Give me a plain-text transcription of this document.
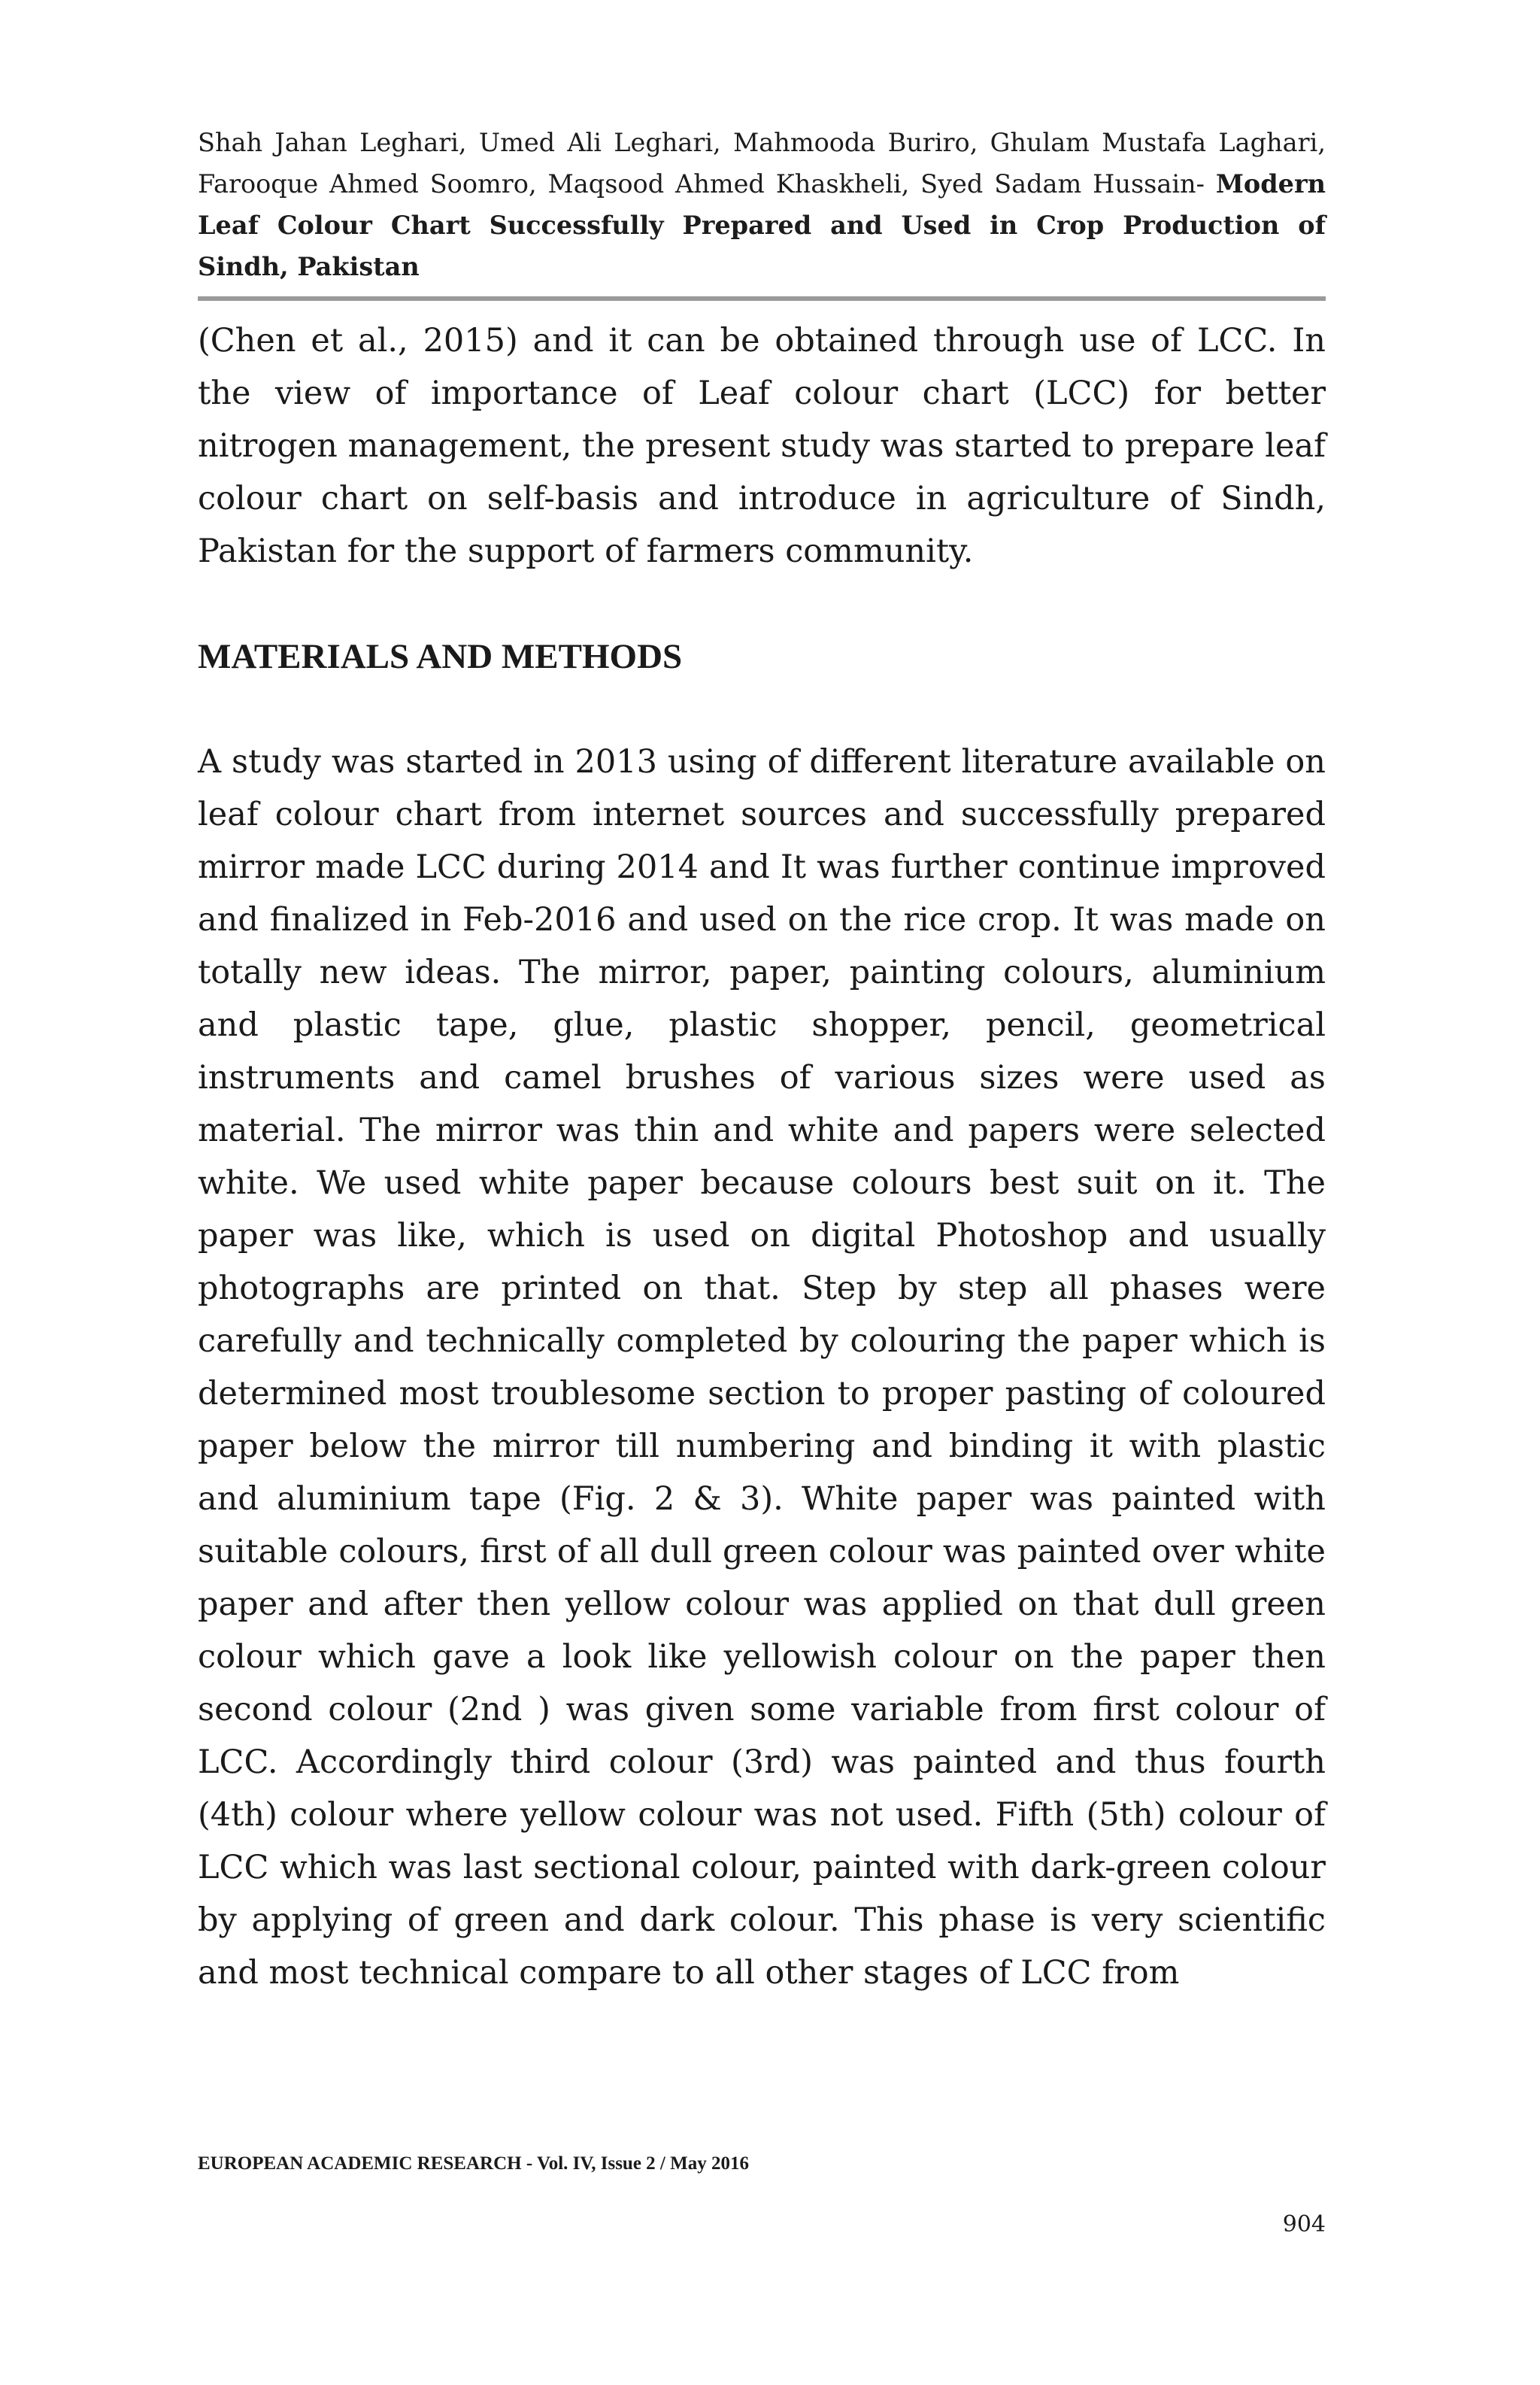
Shah Jahan Leghari, Umed Ali Leghari, Mahmooda Buriro, Ghulam Mustafa Laghari, Farooque Ahmed Soomro, Maqsood Ahmed Khaskheli, Syed Sadam Hussain- Modern Leaf Colour Chart Successfully Prepared and Used in Crop Production of Sindh, Pakistan

(Chen et al., 2015) and it can be obtained through use of LCC. In the view of importance of Leaf colour chart (LCC) for better nitrogen management, the present study was started to prepare leaf colour chart on self-basis and introduce in agriculture of Sindh, Pakistan for the support of farmers community.

MATERIALS AND METHODS

A study was started in 2013 using of different literature available on leaf colour chart from internet sources and successfully prepared mirror made LCC during 2014 and It was further continue improved and finalized in Feb-2016 and used on the rice crop. It was made on totally new ideas. The mirror, paper, painting colours, aluminium and plastic tape, glue, plastic shopper, pencil, geometrical instruments and camel brushes of various sizes were used as material. The mirror was thin and white and papers were selected white. We used white paper because colours best suit on it. The paper was like, which is used on digital Photoshop and usually photographs are printed on that. Step by step all phases were carefully and technically completed by colouring the paper which is determined most troublesome section to proper pasting of coloured paper below the mirror till numbering and binding it with plastic and aluminium tape (Fig. 2 & 3). White paper was painted with suitable colours, first of all dull green colour was painted over white paper and after then yellow colour was applied on that dull green colour which gave a look like yellowish colour on the paper then second colour (2nd ) was given some variable from first colour of LCC. Accordingly third colour (3rd) was painted and thus fourth (4th) colour where yellow colour was not used. Fifth (5th) colour of LCC which was last sectional colour, painted with dark-green colour by applying of green and dark colour. This phase is very scientific and most technical compare to all other stages of LCC from

EUROPEAN ACADEMIC RESEARCH - Vol. IV, Issue 2 / May 2016
904
